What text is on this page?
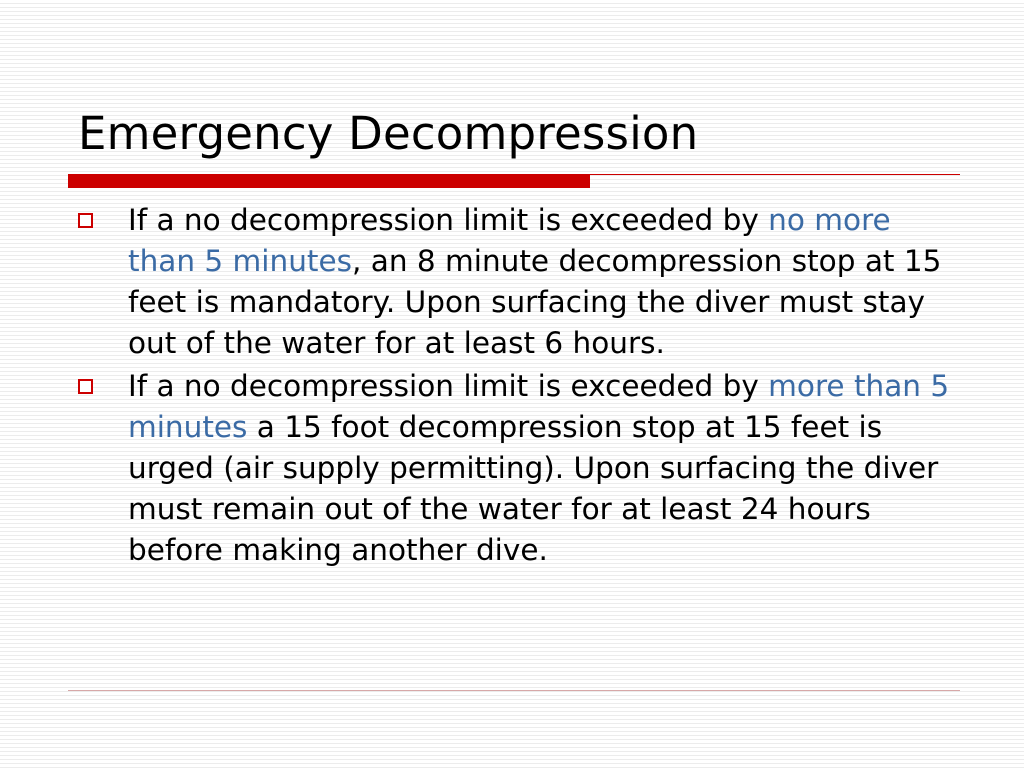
Emergency Decompression
If a no decompression limit is exceeded by no more than 5 minutes, an 8 minute decompression stop at 15 feet is mandatory. Upon surfacing the diver must stay out of the water for at least 6 hours.
If a no decompression limit is exceeded by more than 5 minutes a 15 foot decompression stop at 15 feet is urged (air supply permitting). Upon surfacing the diver must remain out of the water for at least 24 hours before making another dive.
